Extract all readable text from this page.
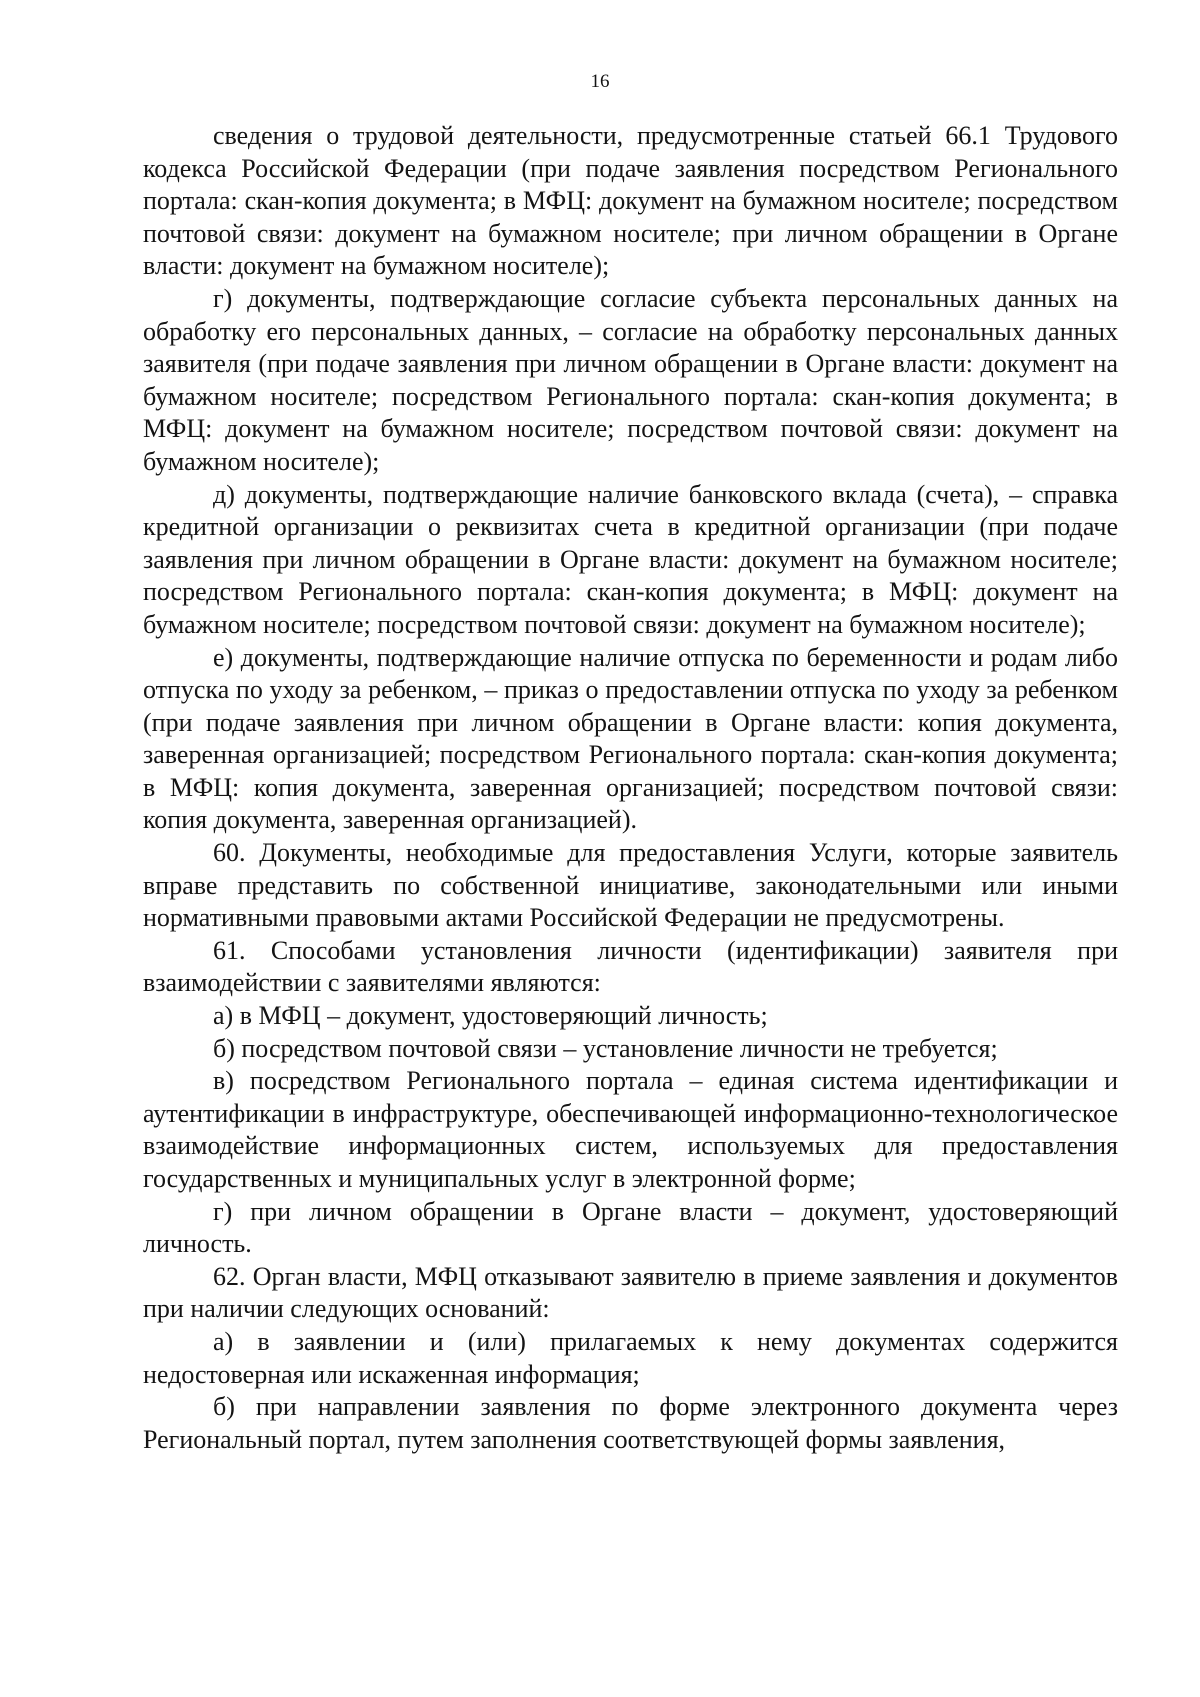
16

сведения о трудовой деятельности, предусмотренные статьей 66.1 Трудового кодекса Российской Федерации (при подаче заявления посредством Регионального портала: скан-копия документа; в МФЦ: документ на бумажном носителе; посредством почтовой связи: документ на бумажном носителе; при личном обращении в Органе власти: документ на бумажном носителе);

г) документы, подтверждающие согласие субъекта персональных данных на обработку его персональных данных, – согласие на обработку персональных данных заявителя (при подаче заявления при личном обращении в Органе власти: документ на бумажном носителе; посредством Регионального портала: скан-копия документа; в МФЦ: документ на бумажном носителе; посредством почтовой связи: документ на бумажном носителе);

д) документы, подтверждающие наличие банковского вклада (счета), – справка кредитной организации о реквизитах счета в кредитной организации (при подаче заявления при личном обращении в Органе власти: документ на бумажном носителе; посредством Регионального портала: скан-копия документа; в МФЦ: документ на бумажном носителе; посредством почтовой связи: документ на бумажном носителе);

е) документы, подтверждающие наличие отпуска по беременности и родам либо отпуска по уходу за ребенком, – приказ о предоставлении отпуска по уходу за ребенком (при подаче заявления при личном обращении в Органе власти: копия документа, заверенная организацией; посредством Регионального портала: скан-копия документа; в МФЦ: копия документа, заверенная организацией; посредством почтовой связи: копия документа, заверенная организацией).

60. Документы, необходимые для предоставления Услуги, которые заявитель вправе представить по собственной инициативе, законодательными или иными нормативными правовыми актами Российской Федерации не предусмотрены.

61. Способами установления личности (идентификации) заявителя при взаимодействии с заявителями являются:

а) в МФЦ – документ, удостоверяющий личность;

б) посредством почтовой связи – установление личности не требуется;

в) посредством Регионального портала – единая система идентификации и аутентификации в инфраструктуре, обеспечивающей информационно-технологическое взаимодействие информационных систем, используемых для предоставления государственных и муниципальных услуг в электронной форме;

г) при личном обращении в Органе власти – документ, удостоверяющий личность.

62. Орган власти, МФЦ отказывают заявителю в приеме заявления и документов при наличии следующих оснований:

а) в заявлении и (или) прилагаемых к нему документах содержится недостоверная или искаженная информация;

б) при направлении заявления по форме электронного документа через Региональный портал, путем заполнения соответствующей формы заявления,
